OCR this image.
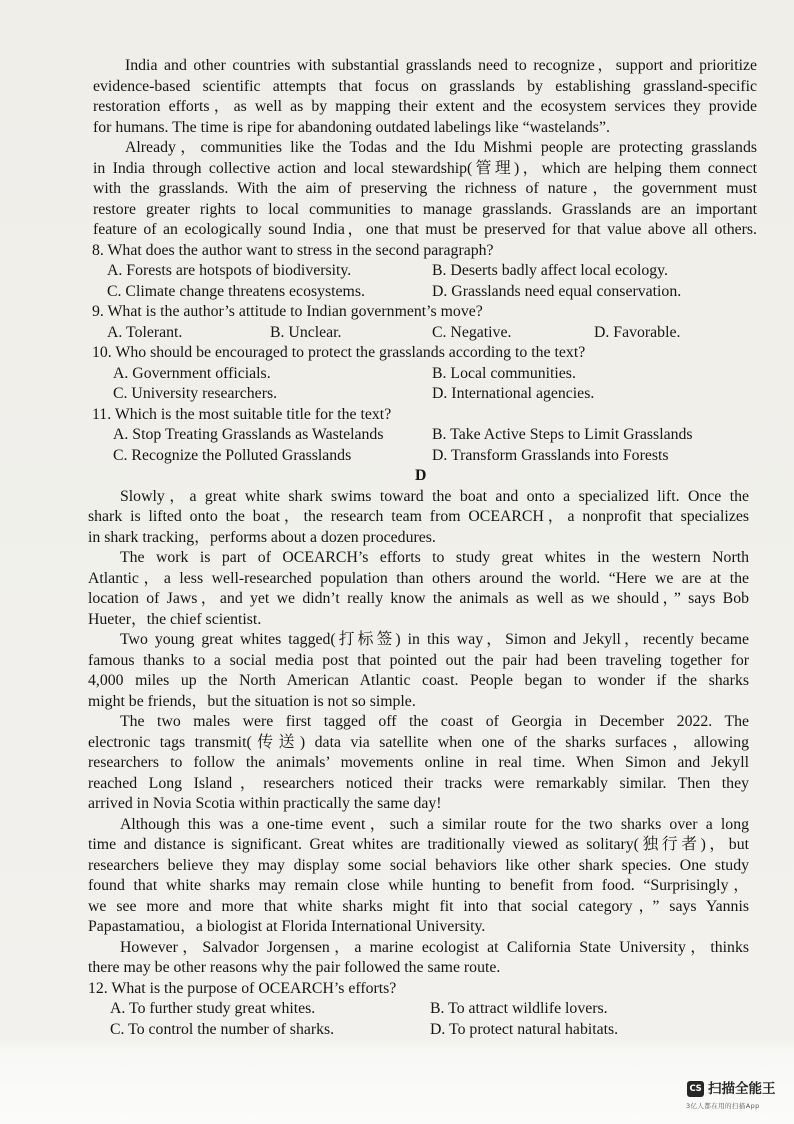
India and other countries with substantial grasslands need to recognize，support and prioritize
evidence-based scientific attempts that focus on grasslands by establishing grassland-specific
restoration efforts，as well as by mapping their extent and the ecosystem services they provide
for humans. The time is ripe for abandoning outdated labelings like “wastelands”.
Already，communities like the Todas and the Idu Mishmi people are protecting grasslands
in India through collective action and local stewardship(管理)，which are helping them connect
with the grasslands. With the aim of preserving the richness of nature，the government must
restore greater rights to local communities to manage grasslands. Grasslands are an important
feature of an ecologically sound India，one that must be preserved for that value above all others.
8. What does the author want to stress in the second paragraph?
A. Forests are hotspots of biodiversity.	B. Deserts badly affect local ecology.
C. Climate change threatens ecosystems.	D. Grasslands need equal conservation.
9. What is the author’s attitude to Indian government’s move?
A. Tolerant.	B. Unclear.	C. Negative.	D. Favorable.
10. Who should be encouraged to protect the grasslands according to the text?
A. Government officials.	B. Local communities.
C. University researchers.	D. International agencies.
11. Which is the most suitable title for the text?
A. Stop Treating Grasslands as Wastelands	B. Take Active Steps to Limit Grasslands
C. Recognize the Polluted Grasslands	D. Transform Grasslands into Forests
D
Slowly，a great white shark swims toward the boat and onto a specialized lift. Once the
shark is lifted onto the boat，the research team from OCEARCH，a nonprofit that specializes
in shark tracking，performs about a dozen procedures.
The work is part of OCEARCH’s efforts to study great whites in the western North
Atlantic，a less well-researched population than others around the world. “Here we are at the
location of Jaws，and yet we didn’t really know the animals as well as we should，” says Bob
Hueter，the chief scientist.
Two young great whites tagged(打标签) in this way，Simon and Jekyll，recently became
famous thanks to a social media post that pointed out the pair had been traveling together for
4,000 miles up the North American Atlantic coast. People began to wonder if the sharks
might be friends，but the situation is not so simple.
The two males were first tagged off the coast of Georgia in December 2022. The
electronic tags transmit(传送) data via satellite when one of the sharks surfaces，allowing
researchers to follow the animals’ movements online in real time. When Simon and Jekyll
reached Long Island，researchers noticed their tracks were remarkably similar. Then they
arrived in Novia Scotia within practically the same day!
Although this was a one-time event，such a similar route for the two sharks over a long
time and distance is significant. Great whites are traditionally viewed as solitary(独行者)，but
researchers believe they may display some social behaviors like other shark species. One study
found that white sharks may remain close while hunting to benefit from food. “Surprisingly，
we see more and more that white sharks might fit into that social category，” says Yannis
Papastamatiou，a biologist at Florida International University.
However，Salvador Jorgensen，a marine ecologist at California State University，thinks
there may be other reasons why the pair followed the same route.
12. What is the purpose of OCEARCH’s efforts?
A. To further study great whites.	B. To attract wildlife lovers.
C. To control the number of sharks.	D. To protect natural habitats.
CS 扫描全能王
3亿人都在用的扫描App
